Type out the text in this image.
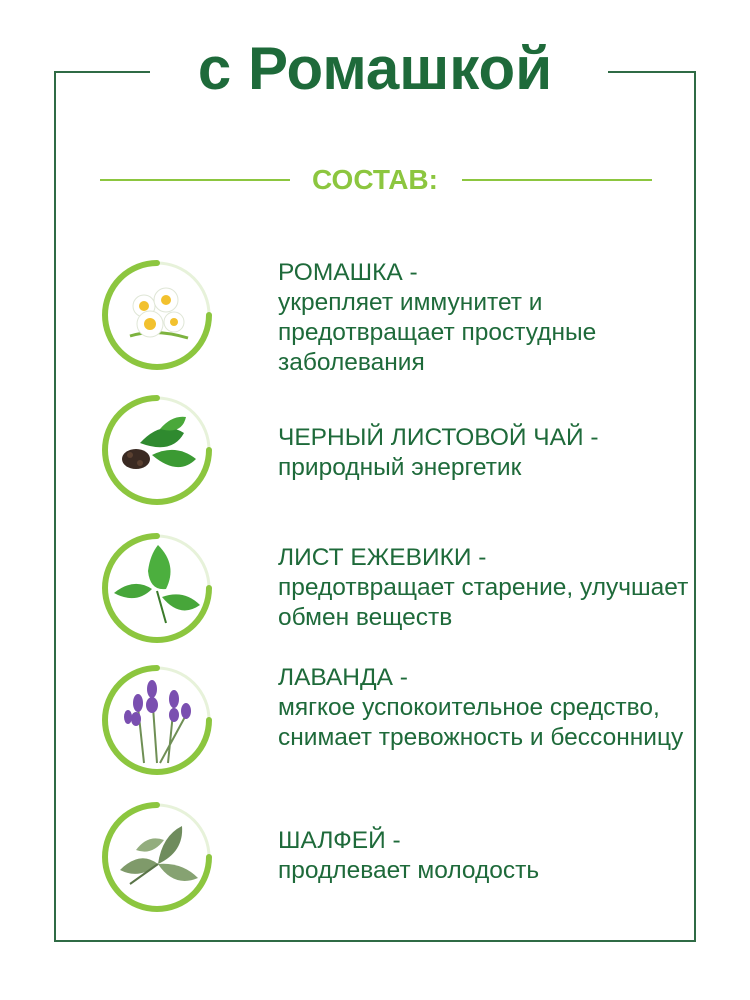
с Ромашкой
СОСТАВ:
РОМАШКА -
укрепляет иммунитет и предотвращает простудные заболевания
ЧЕРНЫЙ ЛИСТОВОЙ ЧАЙ -
природный энергетик
ЛИСТ ЕЖЕВИКИ -
предотвращает старение, улучшает обмен веществ
ЛАВАНДА -
мягкое успокоительное средство, снимает тревожность и бессонницу
ШАЛФЕЙ -
продлевает молодость
